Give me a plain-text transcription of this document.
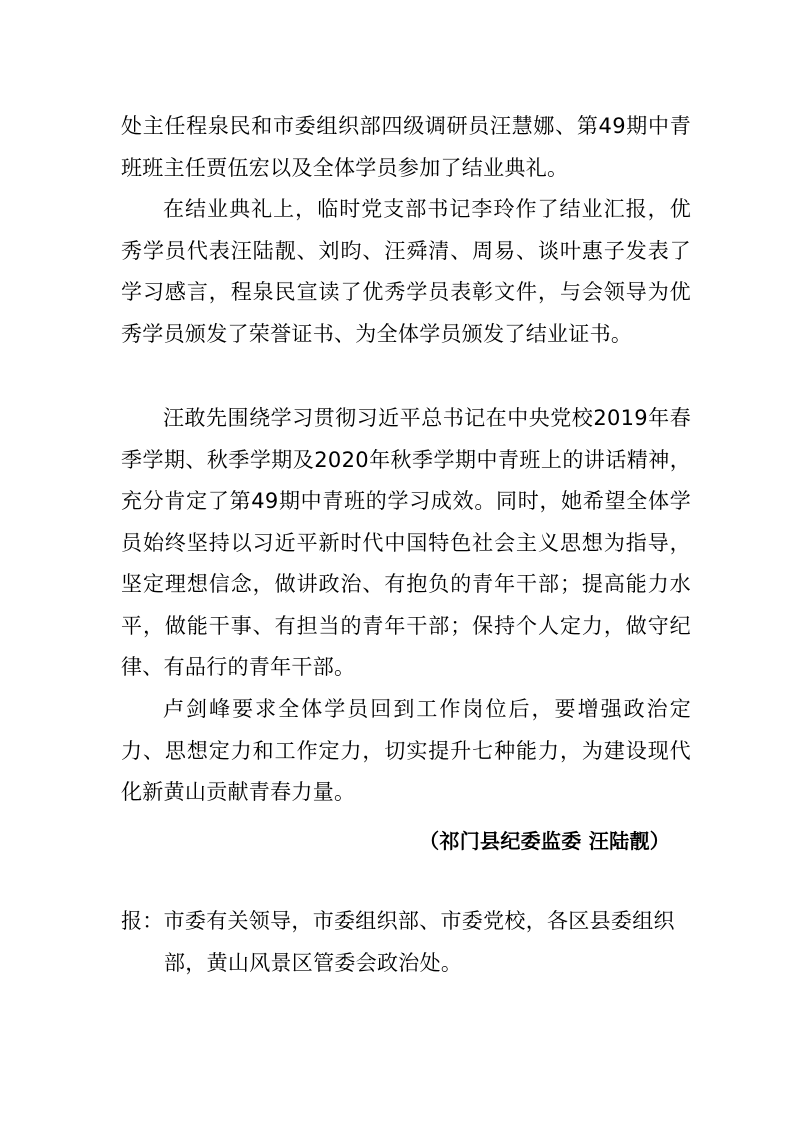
处主任程泉民和市委组织部四级调研员汪慧娜、第49期中青班班主任贾伍宏以及全体学员参加了结业典礼。

在结业典礼上，临时党支部书记李玲作了结业汇报，优秀学员代表汪陆靓、刘昀、汪舜清、周易、谈叶惠子发表了学习感言，程泉民宣读了优秀学员表彰文件，与会领导为优秀学员颁发了荣誉证书、为全体学员颁发了结业证书。

汪敢先围绕学习贯彻习近平总书记在中央党校2019年春季学期、秋季学期及2020年秋季学期中青班上的讲话精神，充分肯定了第49期中青班的学习成效。同时，她希望全体学员始终坚持以习近平新时代中国特色社会主义思想为指导，坚定理想信念，做讲政治、有抱负的青年干部；提高能力水平，做能干事、有担当的青年干部；保持个人定力，做守纪律、有品行的青年干部。

卢剑峰要求全体学员回到工作岗位后，要增强政治定力、思想定力和工作定力，切实提升七种能力，为建设现代化新黄山贡献青春力量。

（祁门县纪委监委 汪陆靓）

报：市委有关领导，市委组织部、市委党校，各区县委组织
部，黄山风景区管委会政治处。
